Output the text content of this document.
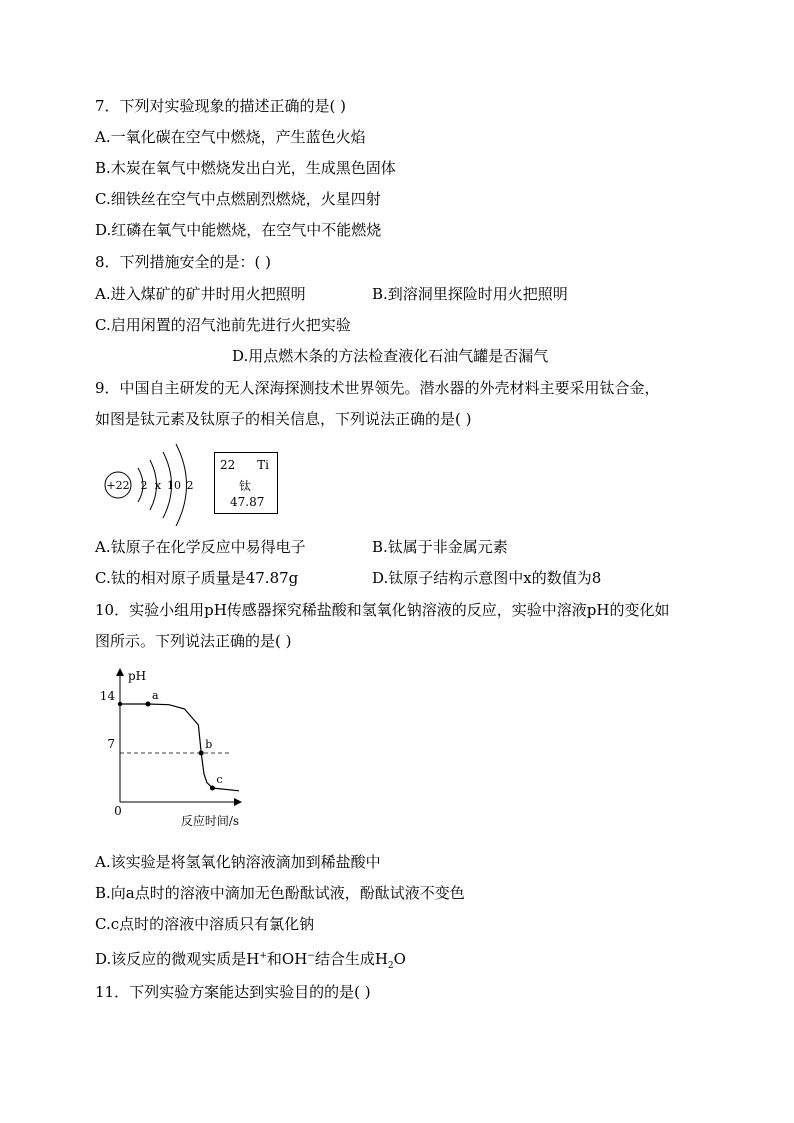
7．下列对实验现象的描述正确的是( )
A.一氧化碳在空气中燃烧，产生蓝色火焰
B.木炭在氧气中燃烧发出白光，生成黑色固体
C.细铁丝在空气中点燃剧烈燃烧，火星四射
D.红磷在氧气中能燃烧，在空气中不能燃烧
8．下列措施安全的是：( )
A.进入煤矿的矿井时用火把照明	B.到溶洞里探险时用火把照明
C.启用闲置的沼气池前先进行火把实验
D.用点燃木条的方法检查液化石油气罐是否漏气
9．中国自主研发的无人深海探测技术世界领先。潜水器的外壳材料主要采用钛合金，
如图是钛元素及钛原子的相关信息，下列说法正确的是( )
+22 2 x 10 2
22 Ti
钛
47.87
A.钛原子在化学反应中易得电子	B.钛属于非金属元素
C.钛的相对原子质量是47.87g	D.钛原子结构示意图中x的数值为8
10．实验小组用pH传感器探究稀盐酸和氢氧化钠溶液的反应，实验中溶液pH的变化如
图所示。下列说法正确的是( )
pH
14
7
0
反应时间/s
a
b
c
A.该实验是将氢氧化钠溶液滴加到稀盐酸中
B.向a点时的溶液中滴加无色酚酞试液，酚酞试液不变色
C.c点时的溶液中溶质只有氯化钠
D.该反应的微观实质是H+和OH−结合生成$H_2O$
11．下列实验方案能达到实验目的的是( )
